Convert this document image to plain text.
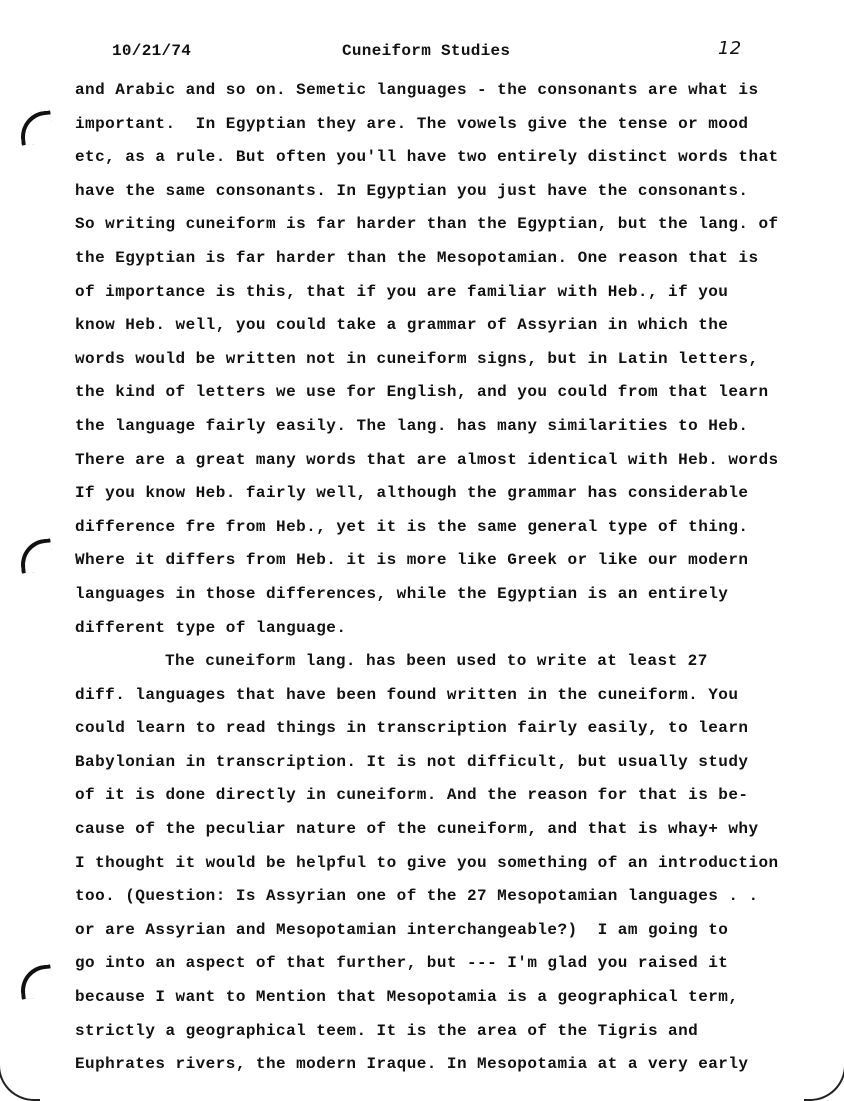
10/21/74	Cuneiform Studies	12
and Arabic and so on. Semetic languages - the consonants are what is
important.  In Egyptian they are. The vowels give the tense or mood
etc, as a rule. But often you'll have two entirely distinct words that
have the same consonants. In Egyptian you just have the consonants.
So writing cuneiform is far harder than the Egyptian, but the lang. of
the Egyptian is far harder than the Mesopotamian. One reason that is
of importance is this, that if you are familiar with Heb., if you
know Heb. well, you could take a grammar of Assyrian in which the
words would be written not in cuneiform signs, but in Latin letters,
the kind of letters we use for English, and you could from that learn
the language fairly easily. The lang. has many similarities to Heb.
There are a great many words that are almost identical with Heb. words
If you know Heb. fairly well, although the grammar has considerable
difference fre from Heb., yet it is the same general type of thing.
Where it differs from Heb. it is more like Greek or like our modern
languages in those differences, while the Egyptian is an entirely
different type of language.
The cuneiform lang. has been used to write at least 27
diff. languages that have been found written in the cuneiform. You
could learn to read things in transcription fairly easily, to learn
Babylonian in transcription. It is not difficult, but usually study
of it is done directly in cuneiform. And the reason for that is be-
cause of the peculiar nature of the cuneiform, and that is whay+ why
I thought it would be helpful to give you something of an introduction
too. (Question: Is Assyrian one of the 27 Mesopotamian languages . .
or are Assyrian and Mesopotamian interchangeable?)  I am going to
go into an aspect of that further, but --- I'm glad you raised it
because I want to Mention that Mesopotamia is a geographical term,
strictly a geographical teem. It is the area of the Tigris and
Euphrates rivers, the modern Iraque. In Mesopotamia at a very early
